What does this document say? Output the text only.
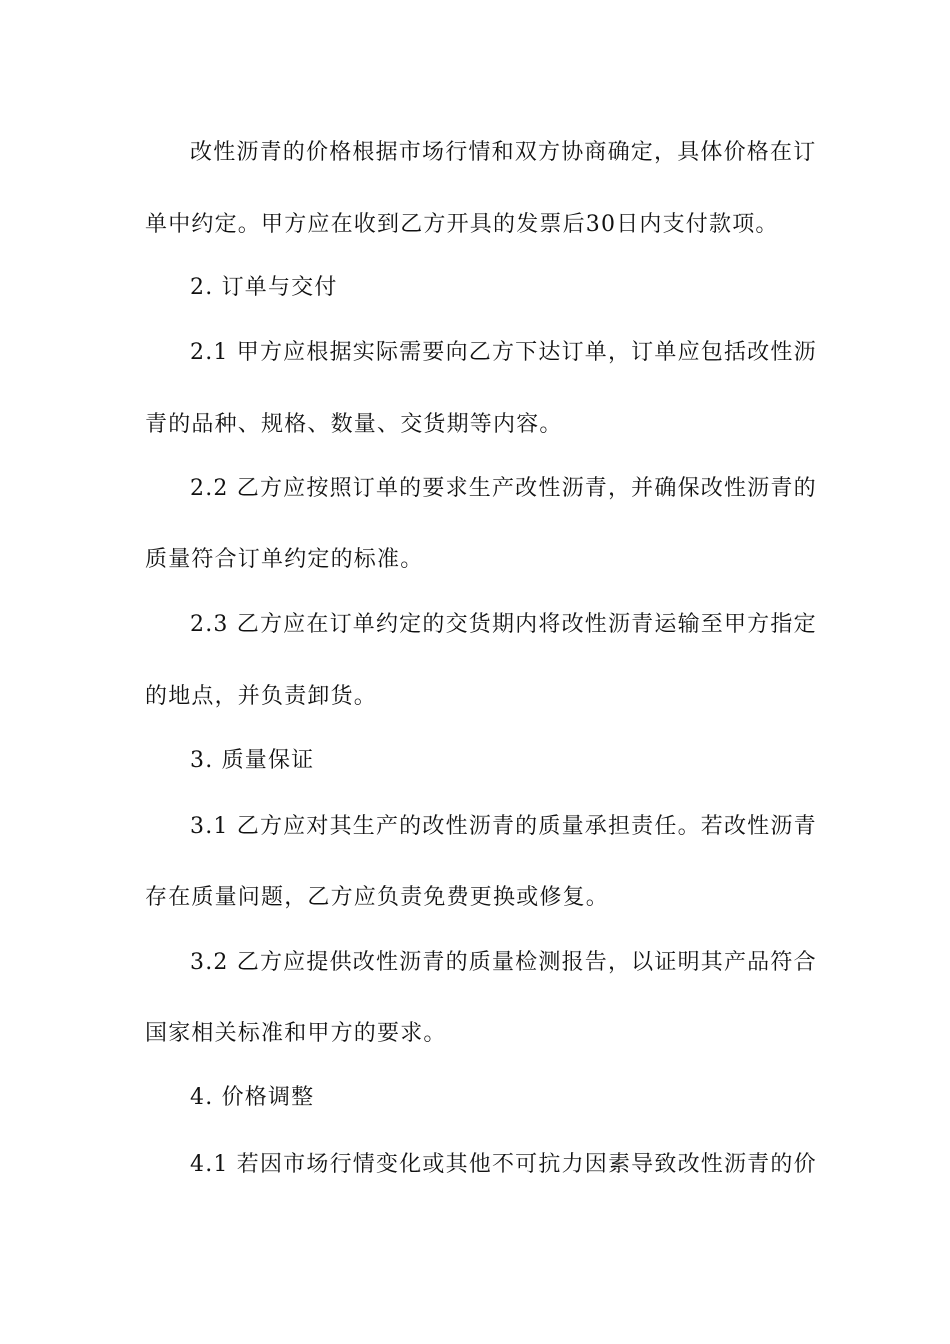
改性沥青的价格根据市场行情和双方协商确定，具体价格在订
单中约定。甲方应在收到乙方开具的发票后30日内支付款项。
2. 订单与交付
2.1 甲方应根据实际需要向乙方下达订单，订单应包括改性沥
青的品种、规格、数量、交货期等内容。
2.2 乙方应按照订单的要求生产改性沥青，并确保改性沥青的
质量符合订单约定的标准。
2.3 乙方应在订单约定的交货期内将改性沥青运输至甲方指定
的地点，并负责卸货。
3. 质量保证
3.1 乙方应对其生产的改性沥青的质量承担责任。若改性沥青
存在质量问题，乙方应负责免费更换或修复。
3.2 乙方应提供改性沥青的质量检测报告，以证明其产品符合
国家相关标准和甲方的要求。
4. 价格调整
4.1 若因市场行情变化或其他不可抗力因素导致改性沥青的价
